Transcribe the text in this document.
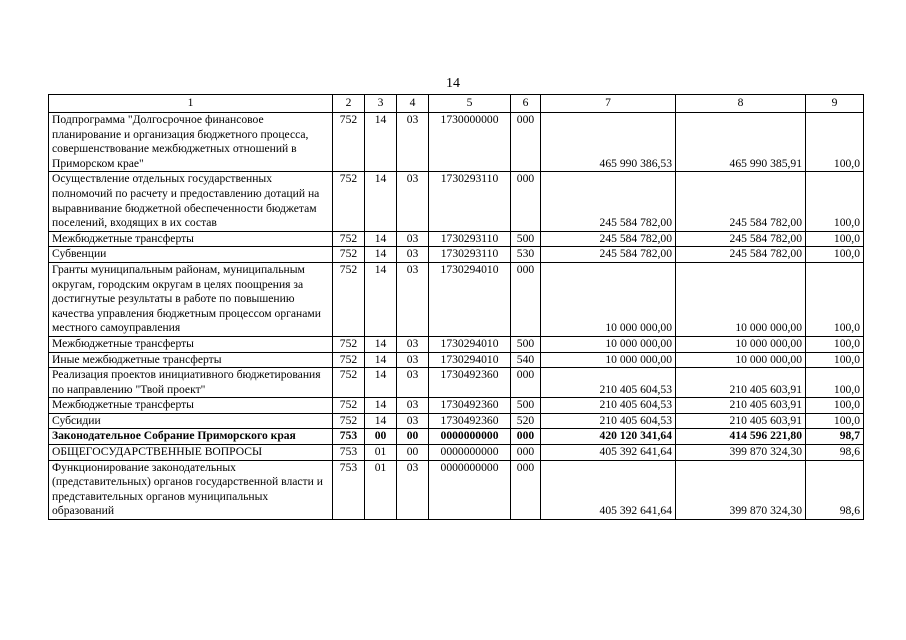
14
1	2	3	4	5	6	7	8	9
Подпрограмма "Долгосрочное финансовое планирование и организация бюджетного процесса, совершенствование межбюджетных отношений в Приморском крае"	752	14	03	1730000000	000	465 990 386,53	465 990 385,91	100,0
Осуществление отдельных государственных полномочий по расчету и предоставлению дотаций на выравнивание бюджетной обеспеченности бюджетам поселений, входящих в их состав	752	14	03	1730293110	000	245 584 782,00	245 584 782,00	100,0
Межбюджетные трансферты	752	14	03	1730293110	500	245 584 782,00	245 584 782,00	100,0
Субвенции	752	14	03	1730293110	530	245 584 782,00	245 584 782,00	100,0
Гранты муниципальным районам, муниципальным округам, городским округам в целях поощрения за достигнутые результаты в работе по повышению качества управления бюджетным процессом органами местного самоуправления	752	14	03	1730294010	000	10 000 000,00	10 000 000,00	100,0
Межбюджетные трансферты	752	14	03	1730294010	500	10 000 000,00	10 000 000,00	100,0
Иные межбюджетные трансферты	752	14	03	1730294010	540	10 000 000,00	10 000 000,00	100,0
Реализация проектов инициативного бюджетирования по направлению "Твой проект"	752	14	03	1730492360	000	210 405 604,53	210 405 603,91	100,0
Межбюджетные трансферты	752	14	03	1730492360	500	210 405 604,53	210 405 603,91	100,0
Субсидии	752	14	03	1730492360	520	210 405 604,53	210 405 603,91	100,0
Законодательное Собрание Приморского края	753	00	00	0000000000	000	420 120 341,64	414 596 221,80	98,7
ОБЩЕГОСУДАРСТВЕННЫЕ ВОПРОСЫ	753	01	00	0000000000	000	405 392 641,64	399 870 324,30	98,6
Функционирование законодательных (представительных) органов государственной власти и представительных органов муниципальных образований	753	01	03	0000000000	000	405 392 641,64	399 870 324,30	98,6
